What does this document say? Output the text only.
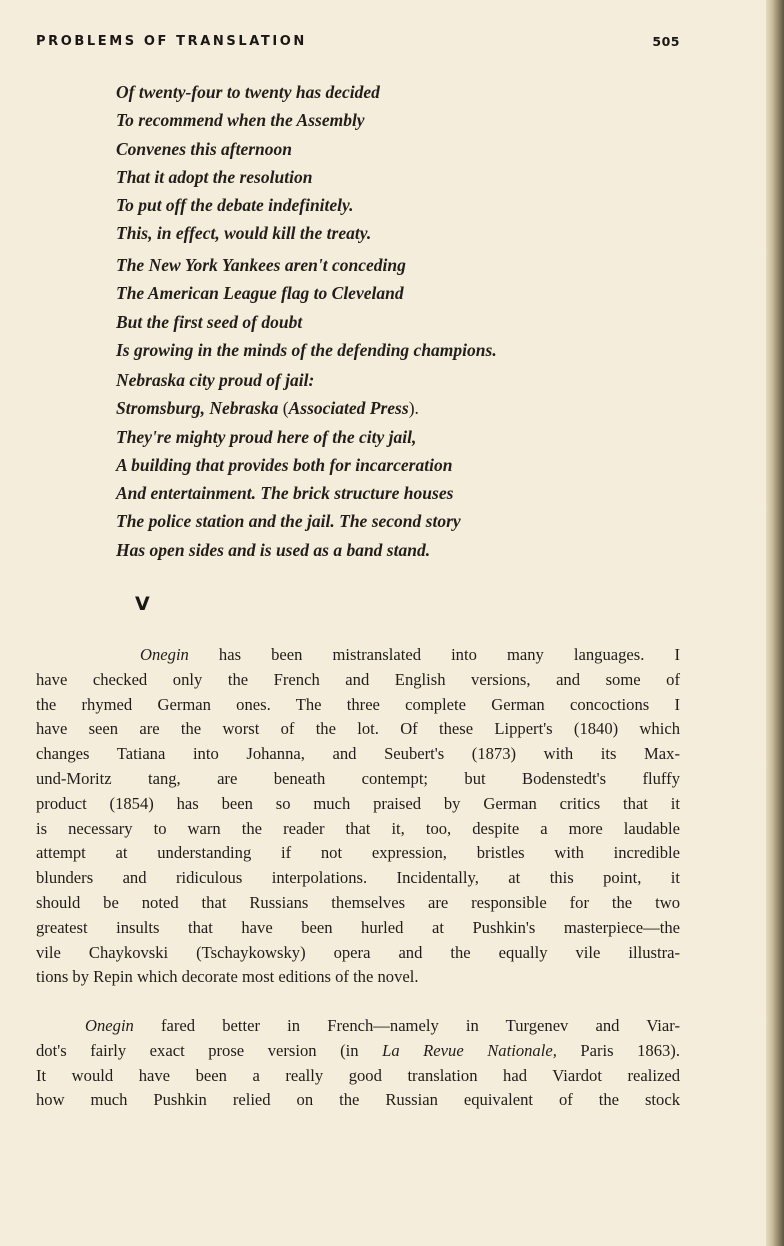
PROBLEMS OF TRANSLATION	505
Of twenty-four to twenty has decided
To recommend when the Assembly
Convenes this afternoon
That it adopt the resolution
To put off the debate indefinitely.
This, in effect, would kill the treaty.
The New York Yankees aren't conceding
The American League flag to Cleveland
But the first seed of doubt
Is growing in the minds of the defending champions.
Nebraska city proud of jail:
Stromsburg, Nebraska (Associated Press).
They're mighty proud here of the city jail,
A building that provides both for incarceration
And entertainment. The brick structure houses
The police station and the jail. The second story
Has open sides and is used as a band stand.
V
Onegin has been mistranslated into many languages. I
have checked only the French and English versions, and some of
the rhymed German ones. The three complete German concoctions I
have seen are the worst of the lot. Of these Lippert's (1840) which
changes Tatiana into Johanna, and Seubert's (1873) with its Max-
und-Moritz tang, are beneath contempt; but Bodenstedt's fluffy
product (1854) has been so much praised by German critics that it
is necessary to warn the reader that it, too, despite a more laudable
attempt at understanding if not expression, bristles with incredible
blunders and ridiculous interpolations. Incidentally, at this point, it
should be noted that Russians themselves are responsible for the two
greatest insults that have been hurled at Pushkin's masterpiece—the
vile Chaykovski (Tschaykowsky) opera and the equally vile illustra-
tions by Repin which decorate most editions of the novel.
Onegin fared better in French—namely in Turgenev and Viar-
dot's fairly exact prose version (in La Revue Nationale, Paris 1863).
It would have been a really good translation had Viardot realized
how much Pushkin relied on the Russian equivalent of the stock
